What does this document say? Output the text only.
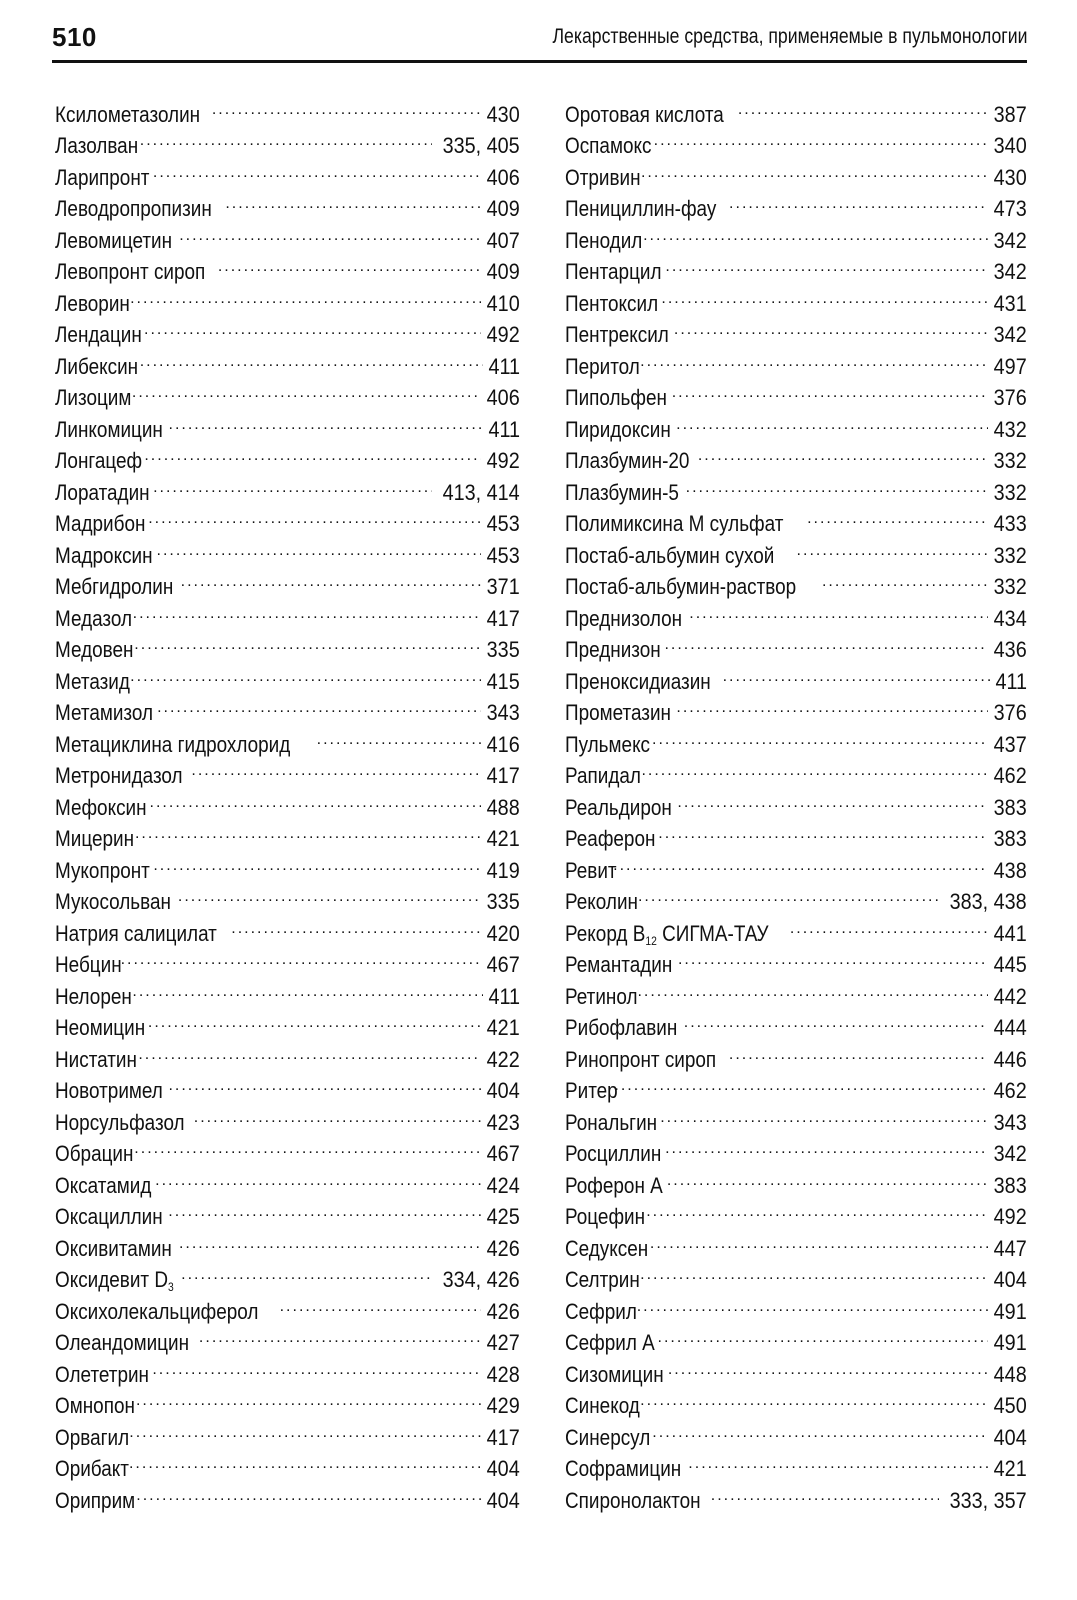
510	Лекарственные средства, применяемые в пульмонологии
Ксилометазолин .....	430
Лазолван .....	335, 405
Ларипронт .....	406
Леводропропизин .....	409
Левомицетин .....	407
Левопронт сироп .....	409
Леворин .....	410
Лендацин .....	492
Либексин .....	411
Лизоцим .....	406
Линкомицин .....	411
Лонгацеф .....	492
Лоратадин .....	413, 414
Мадрибон .....	453
Мадроксин .....	453
Мебгидролин .....	371
Медазол .....	417
Медовен .....	335
Метазид .....	415
Метамизол .....	343
Метациклина гидрохлорид .....	416
Метронидазол .....	417
Мефоксин .....	488
Мицерин .....	421
Мукопронт .....	419
Мукосольван .....	335
Натрия салицилат .....	420
Небцин .....	467
Нелорен .....	411
Неомицин .....	421
Нистатин .....	422
Новотримел .....	404
Норсульфазол .....	423
Обрацин .....	467
Оксатамид .....	424
Оксациллин .....	425
Оксивитамин .....	426
Оксидевит $D_3$ .....	334, 426
Оксихолекальциферол .....	426
Олеандомицин .....	427
Олететрин .....	428
Омнопон .....	429
Орвагил .....	417
Орибакт .....	404
Ориприм .....	404
Оротовая кислота .....	387
Оспамокс .....	340
Отривин .....	430
Пенициллин-фау .....	473
Пенодил .....	342
Пентарцил .....	342
Пентоксил .....	431
Пентрексил .....	342
Перитол .....	497
Пипольфен .....	376
Пиридоксин .....	432
Плазбумин-20 .....	332
Плазбумин-5 .....	332
Полимиксина М сульфат .....	433
Постаб-альбумин сухой .....	332
Постаб-альбумин-раствор .....	332
Преднизолон .....	434
Преднизон .....	436
Преноксидиазин .....	411
Прометазин .....	376
Пульмекс .....	437
Рапидал .....	462
Реальдирон .....	383
Реаферон .....	383
Ревит .....	438
Реколин .....	383, 438
Рекорд $В_{12}$ СИГМА-ТАУ .....	441
Ремантадин .....	445
Ретинол .....	442
Рибофлавин .....	444
Ринопронт сироп .....	446
Ритер .....	462
Рональгин .....	343
Росциллин .....	342
Роферон А .....	383
Роцефин .....	492
Седуксен .....	447
Селтрин .....	404
Сефрил .....	491
Сефрил А .....	491
Сизомицин .....	448
Синекод .....	450
Синерсул .....	404
Софрамицин .....	421
Спиронолактон .....	333, 357
